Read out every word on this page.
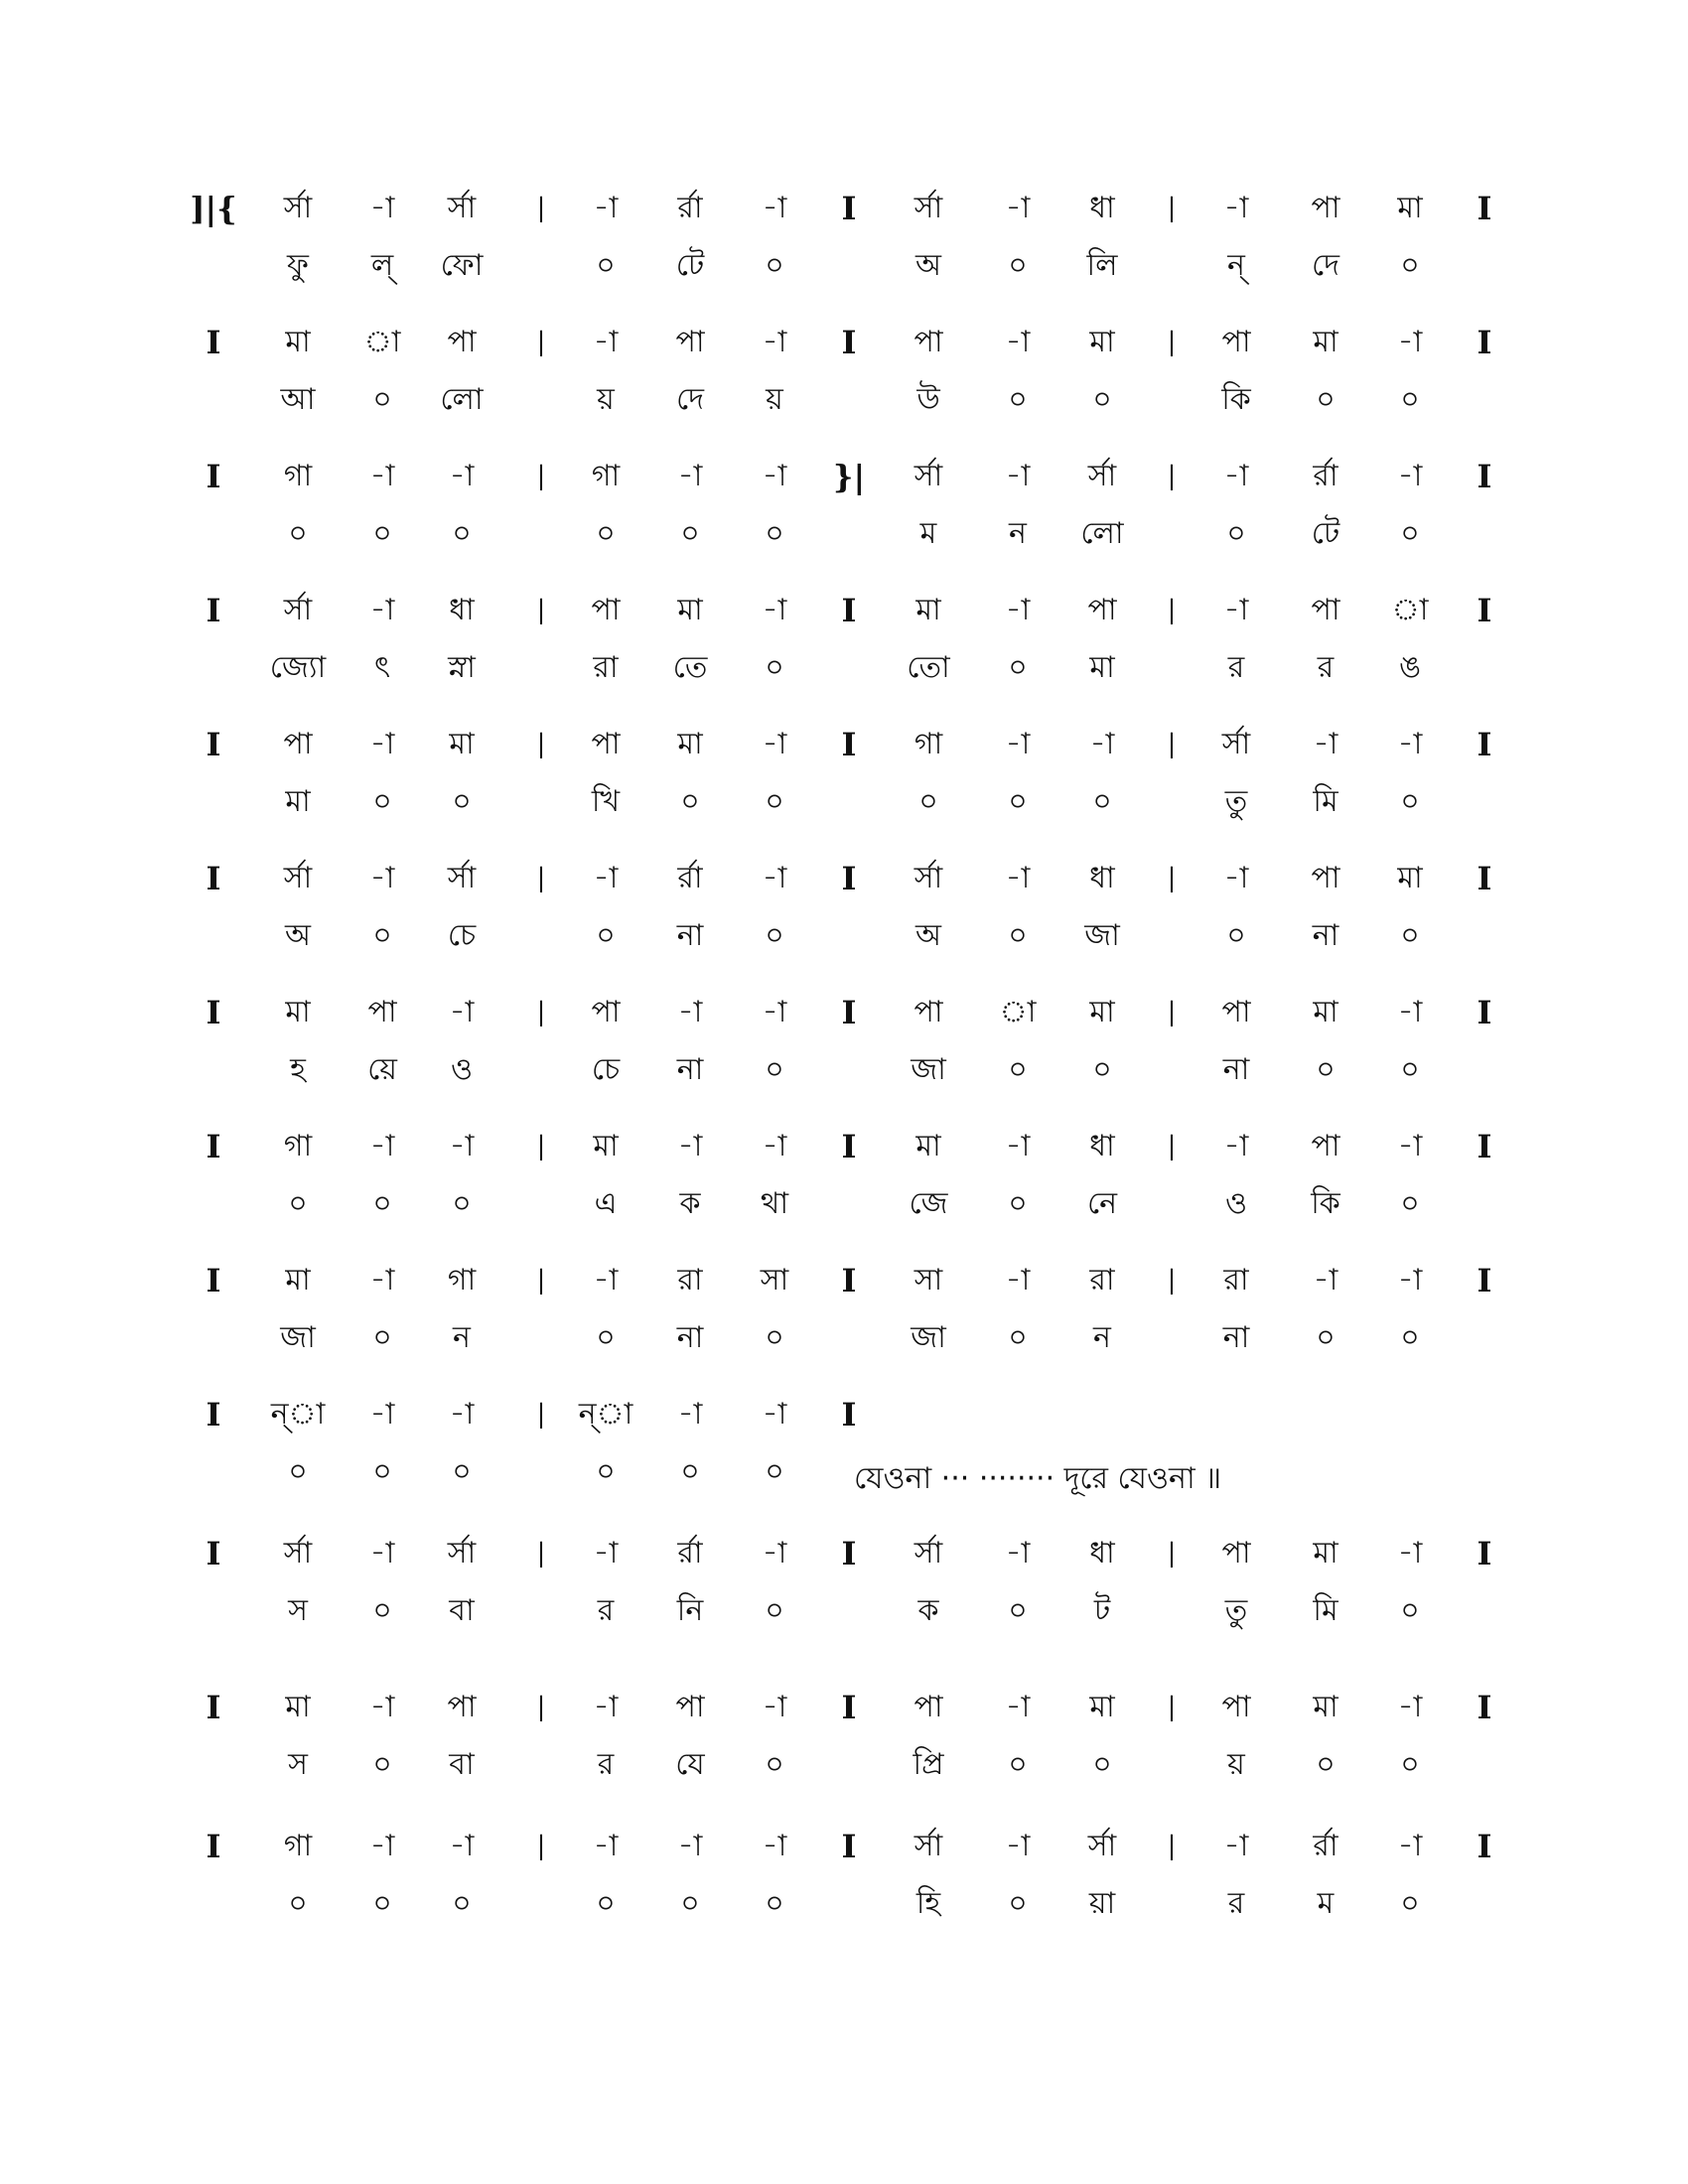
]|{ র্সা -া র্সা
ফু ল্ ফো
| -া র্রা -া
০ টে ০
I র্সা -া ধা
অ ০ লি
| -া পা মা
ন্ দে ০
I
I মা া পা
আ ০ লো
| -া পা -া
য় দে য়
I পা -া মা
উ ০ ০
| পা মা -া
কি ০ ০
I
I গা -া -া
০ ০ ০
| গা -া -া
০ ০ ০
}| র্সা -া র্সা
ম ন লো
| -া র্রা -া
০ টে ০
I
I র্সা -া ধা
জ্যো ৎ স্না
| পা মা -া
রা তে ০
I মা -া পা
তো ০ মা
| -া পা া
র র ঙ
I
I পা -া মা
মা ০ ০
| পা মা -া
খি ০ ০
I গা -া -া
০ ০ ০
| র্সা -া -া
তু মি ০
I
I র্সা -া র্সা
অ ০ চে
| -া র্রা -া
০ না ০
I র্সা -া ধা
অ ০ জা
| -া পা মা
০ না ০
I
I মা পা -া
হ য়ে ও
| পা -া -া
চে না ০
I পা া মা
জা ০ ০
| পা মা -া
না ০ ০
I
I গা -া -া
০ ০ ০
| মা -া -া
এ ক থা
I মা -া ধা
জে ০ নে
| -া পা -া
ও কি ০
I
I মা -া গা
জা ০ ন
| -া রা সা
০ না ০
I সা -া রা
জা ০ ন
| রা -া -া
না ০ ০
I
I ন্া -া -া
০ ০ ০
| ন্া -া -া
০ ০ ০
I
I র্সা -া র্সা
স ০ বা
| -া র্রা -া
র নি ০
I র্সা -া ধা
ক ০ ট
| পা মা -া
তু মি ০
I
I মা -া পা
স ০ বা
| -া পা -া
র যে ০
I পা -া মা
প্রি ০ ০
| পা মা -া
য় ০ ০
I
I গা -া -া
০ ০ ০
| -া -া -া
০ ০ ০
I র্সা -া র্সা
হি ০ য়া
| -া র্রা -া
র ম ০
I
যেওনা ··· ········ দূরে যেওনা ॥
